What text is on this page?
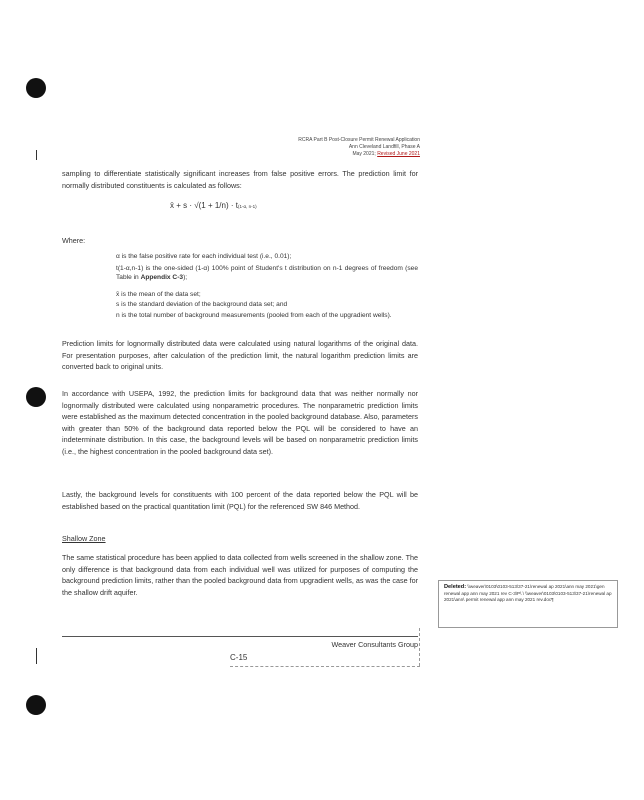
RCRA Part B Post-Closure Permit Renewal Application
Ann Cleveland Landfill, Phase A
May 2021; Revised June 2021
sampling to differentiate statistically significant increases from false positive errors. The prediction limit for normally distributed constituents is calculated as follows:
x̄ + s · √(1 + 1/n) · t(1-α, n-1)
Where:
α is the false positive rate for each individual test (i.e., 0.01);
t(1-α,n-1) is the one-sided (1-α) 100% point of Student's t distribution on n-1 degrees of freedom (see Table in Appendix C-3);
x̄ is the mean of the data set;
s is the standard deviation of the background data set; and
n is the total number of background measurements (pooled from each of the upgradient wells).
Prediction limits for lognormally distributed data were calculated using natural logarithms of the original data. For presentation purposes, after calculation of the prediction limit, the natural logarithm prediction limits are converted back to original units.
In accordance with USEPA, 1992, the prediction limits for background data that was neither normally nor lognormally distributed were calculated using nonparametric procedures. The nonparametric prediction limits were established as the maximum detected concentration in the pooled background database. Also, parameters with greater than 50% of the background data reported below the PQL will be considered to have an indeterminate distribution. In this case, the background levels will be based on nonparametric prediction limits (i.e., the highest concentration in the pooled background data set).
Lastly, the background levels for constituents with 100 percent of the data reported below the PQL will be established based on the practical quantitation limit (PQL) for the referenced SW 846 Method.
Shallow Zone
The same statistical procedure has been applied to data collected from wells screened in the shallow zone. The only difference is that background data from each individual well was utilized for purposes of computing the background prediction limits, rather than the pooled background data from upgradient wells, as was the case for the shallow drift aquifer.
Deleted: \\weaver\0103\0103-513\37-21\renewal ap 2021\ann may 2021\gen renewal app ann may 2021 rev C-3\P\ \ \\weaver\0103\0103-513\37-21\renewal ap 2021\ann\ permit renewal app ann may 2021 rev.doc¶
Weaver Consultants Group
C-15
